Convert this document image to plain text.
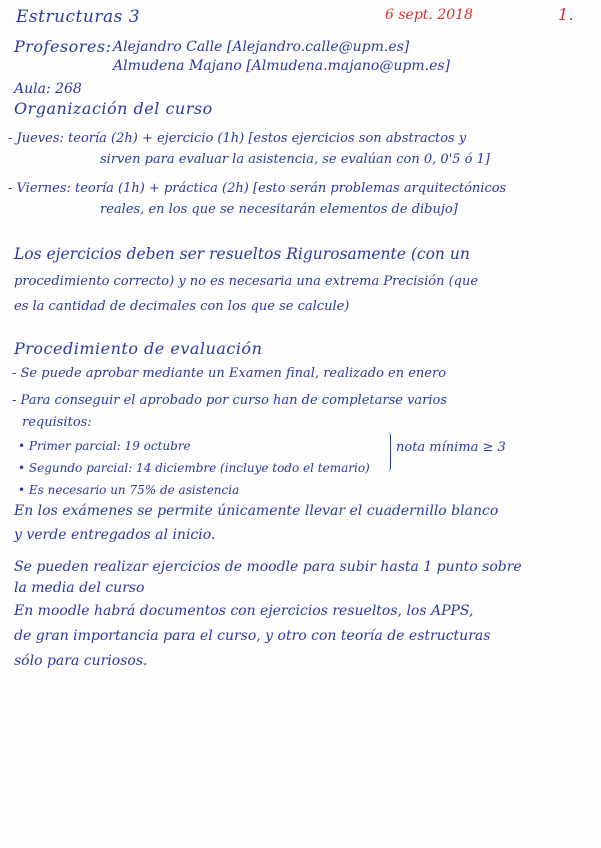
Estructuras 3	6 sept. 2018	1.
Profesores: Alejandro Calle [Alejandro.calle@upm.es]
Almudena Majano [Almudena.majano@upm.es]
Aula: 268
Organización del curso
- Jueves: teoría (2h) + ejercicio (1h) [estos ejercicios son abstractos y
sirven para evaluar la asistencia, se evalúan con 0, 0'5 ó 1]
- Viernes: teoría (1h) + práctica (2h) [esto serán problemas arquitectónicos
reales, en los que se necesitarán elementos de dibujo]
Los ejercicios deben ser resueltos Rigurosamente (con un
procedimiento correcto) y no es necesaria una extrema Precisión (que
es la cantidad de decimales con los que se calcule)
Procedimiento de evaluación
- Se puede aprobar mediante un Examen final, realizado en enero
- Para conseguir el aprobado por curso han de completarse varios
requisitos:
• Primer parcial: 19 octubre
• Segundo parcial: 14 diciembre (incluye todo el temario)
• Es necesario un 75% de asistencia
nota mínima ≥ 3
En los exámenes se permite únicamente llevar el cuadernillo blanco
y verde entregados al inicio.
Se pueden realizar ejercicios de moodle para subir hasta 1 punto sobre
la media del curso
En moodle habrá documentos con ejercicios resueltos, los APPS,
de gran importancia para el curso, y otro con teoría de estructuras
sólo para curiosos.
